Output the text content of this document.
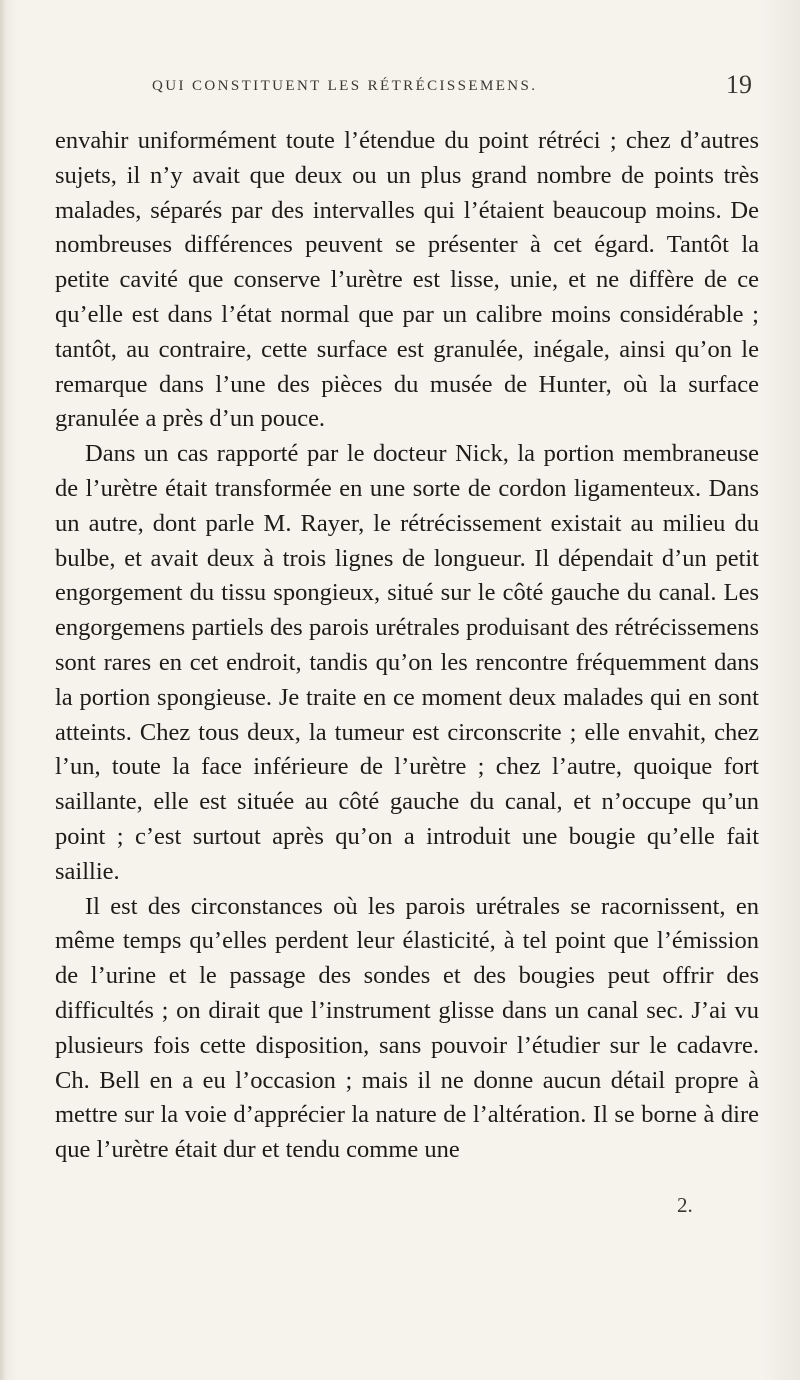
QUI CONSTITUENT LES RÉTRÉCISSEMENS.	19

envahir uniformément toute l’étendue du point rétréci ; chez d’autres sujets, il n’y avait que deux ou un plus grand nombre de points très malades, séparés par des intervalles qui l’étaient beaucoup moins. De nombreuses différences peuvent se présenter à cet égard. Tantôt la petite cavité que conserve l’urètre est lisse, unie, et ne diffère de ce qu’elle est dans l’état normal que par un calibre moins considérable ; tantôt, au contraire, cette surface est granulée, inégale, ainsi qu’on le remarque dans l’une des pièces du musée de Hunter, où la surface granulée a près d’un pouce.

Dans un cas rapporté par le docteur Nick, la portion membraneuse de l’urètre était transformée en une sorte de cordon ligamenteux. Dans un autre, dont parle M. Rayer, le rétrécissement existait au milieu du bulbe, et avait deux à trois lignes de longueur. Il dépendait d’un petit engorgement du tissu spongieux, situé sur le côté gauche du canal. Les engorgemens partiels des parois urétrales produisant des rétrécissemens sont rares en cet endroit, tandis qu’on les rencontre fréquemment dans la portion spongieuse. Je traite en ce moment deux malades qui en sont atteints. Chez tous deux, la tumeur est circonscrite ; elle envahit, chez l’un, toute la face inférieure de l’urètre ; chez l’autre, quoique fort saillante, elle est située au côté gauche du canal, et n’occupe qu’un point ; c’est surtout après qu’on a introduit une bougie qu’elle fait saillie.

Il est des circonstances où les parois urétrales se racornissent, en même temps qu’elles perdent leur élasticité, à tel point que l’émission de l’urine et le passage des sondes et des bougies peut offrir des difficultés ; on dirait que l’instrument glisse dans un canal sec. J’ai vu plusieurs fois cette disposition, sans pouvoir l’étudier sur le cadavre. Ch. Bell en a eu l’occasion ; mais il ne donne aucun détail propre à mettre sur la voie d’apprécier la nature de l’altération. Il se borne à dire que l’urètre était dur et tendu comme une

2.
